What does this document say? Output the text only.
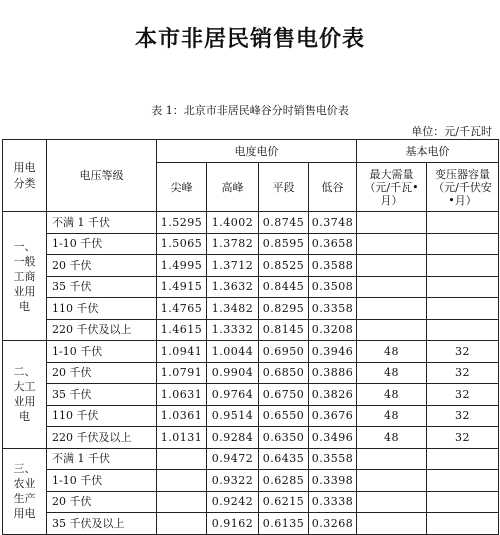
本市非居民销售电价表
表 1：北京市非居民峰谷分时销售电价表
单位：元/千瓦时
用电分类	电压等级	电度电价				基本电价	
		尖峰	高峰	平段	低谷	最大需量（元/千瓦•月）	变压器容量（元/千伏安•月）
一、一般工商业用电	不满 1 千伏	1.5295	1.4002	0.8745	0.3748		
	1-10 千伏	1.5065	1.3782	0.8595	0.3658		
	20 千伏	1.4995	1.3712	0.8525	0.3588		
	35 千伏	1.4915	1.3632	0.8445	0.3508		
	110 千伏	1.4765	1.3482	0.8295	0.3358		
	220 千伏及以上	1.4615	1.3332	0.8145	0.3208		
二、大工业用电	1-10 千伏	1.0941	1.0044	0.6950	0.3946	48	32
	20 千伏	1.0791	0.9904	0.6850	0.3886	48	32
	35 千伏	1.0631	0.9764	0.6750	0.3826	48	32
	110 千伏	1.0361	0.9514	0.6550	0.3676	48	32
	220 千伏及以上	1.0131	0.9284	0.6350	0.3496	48	32
三、农业生产用电	不满 1 千伏		0.9472	0.6435	0.3558		
	1-10 千伏		0.9322	0.6285	0.3398		
	20 千伏		0.9242	0.6215	0.3338		
	35 千伏及以上		0.9162	0.6135	0.3268		
